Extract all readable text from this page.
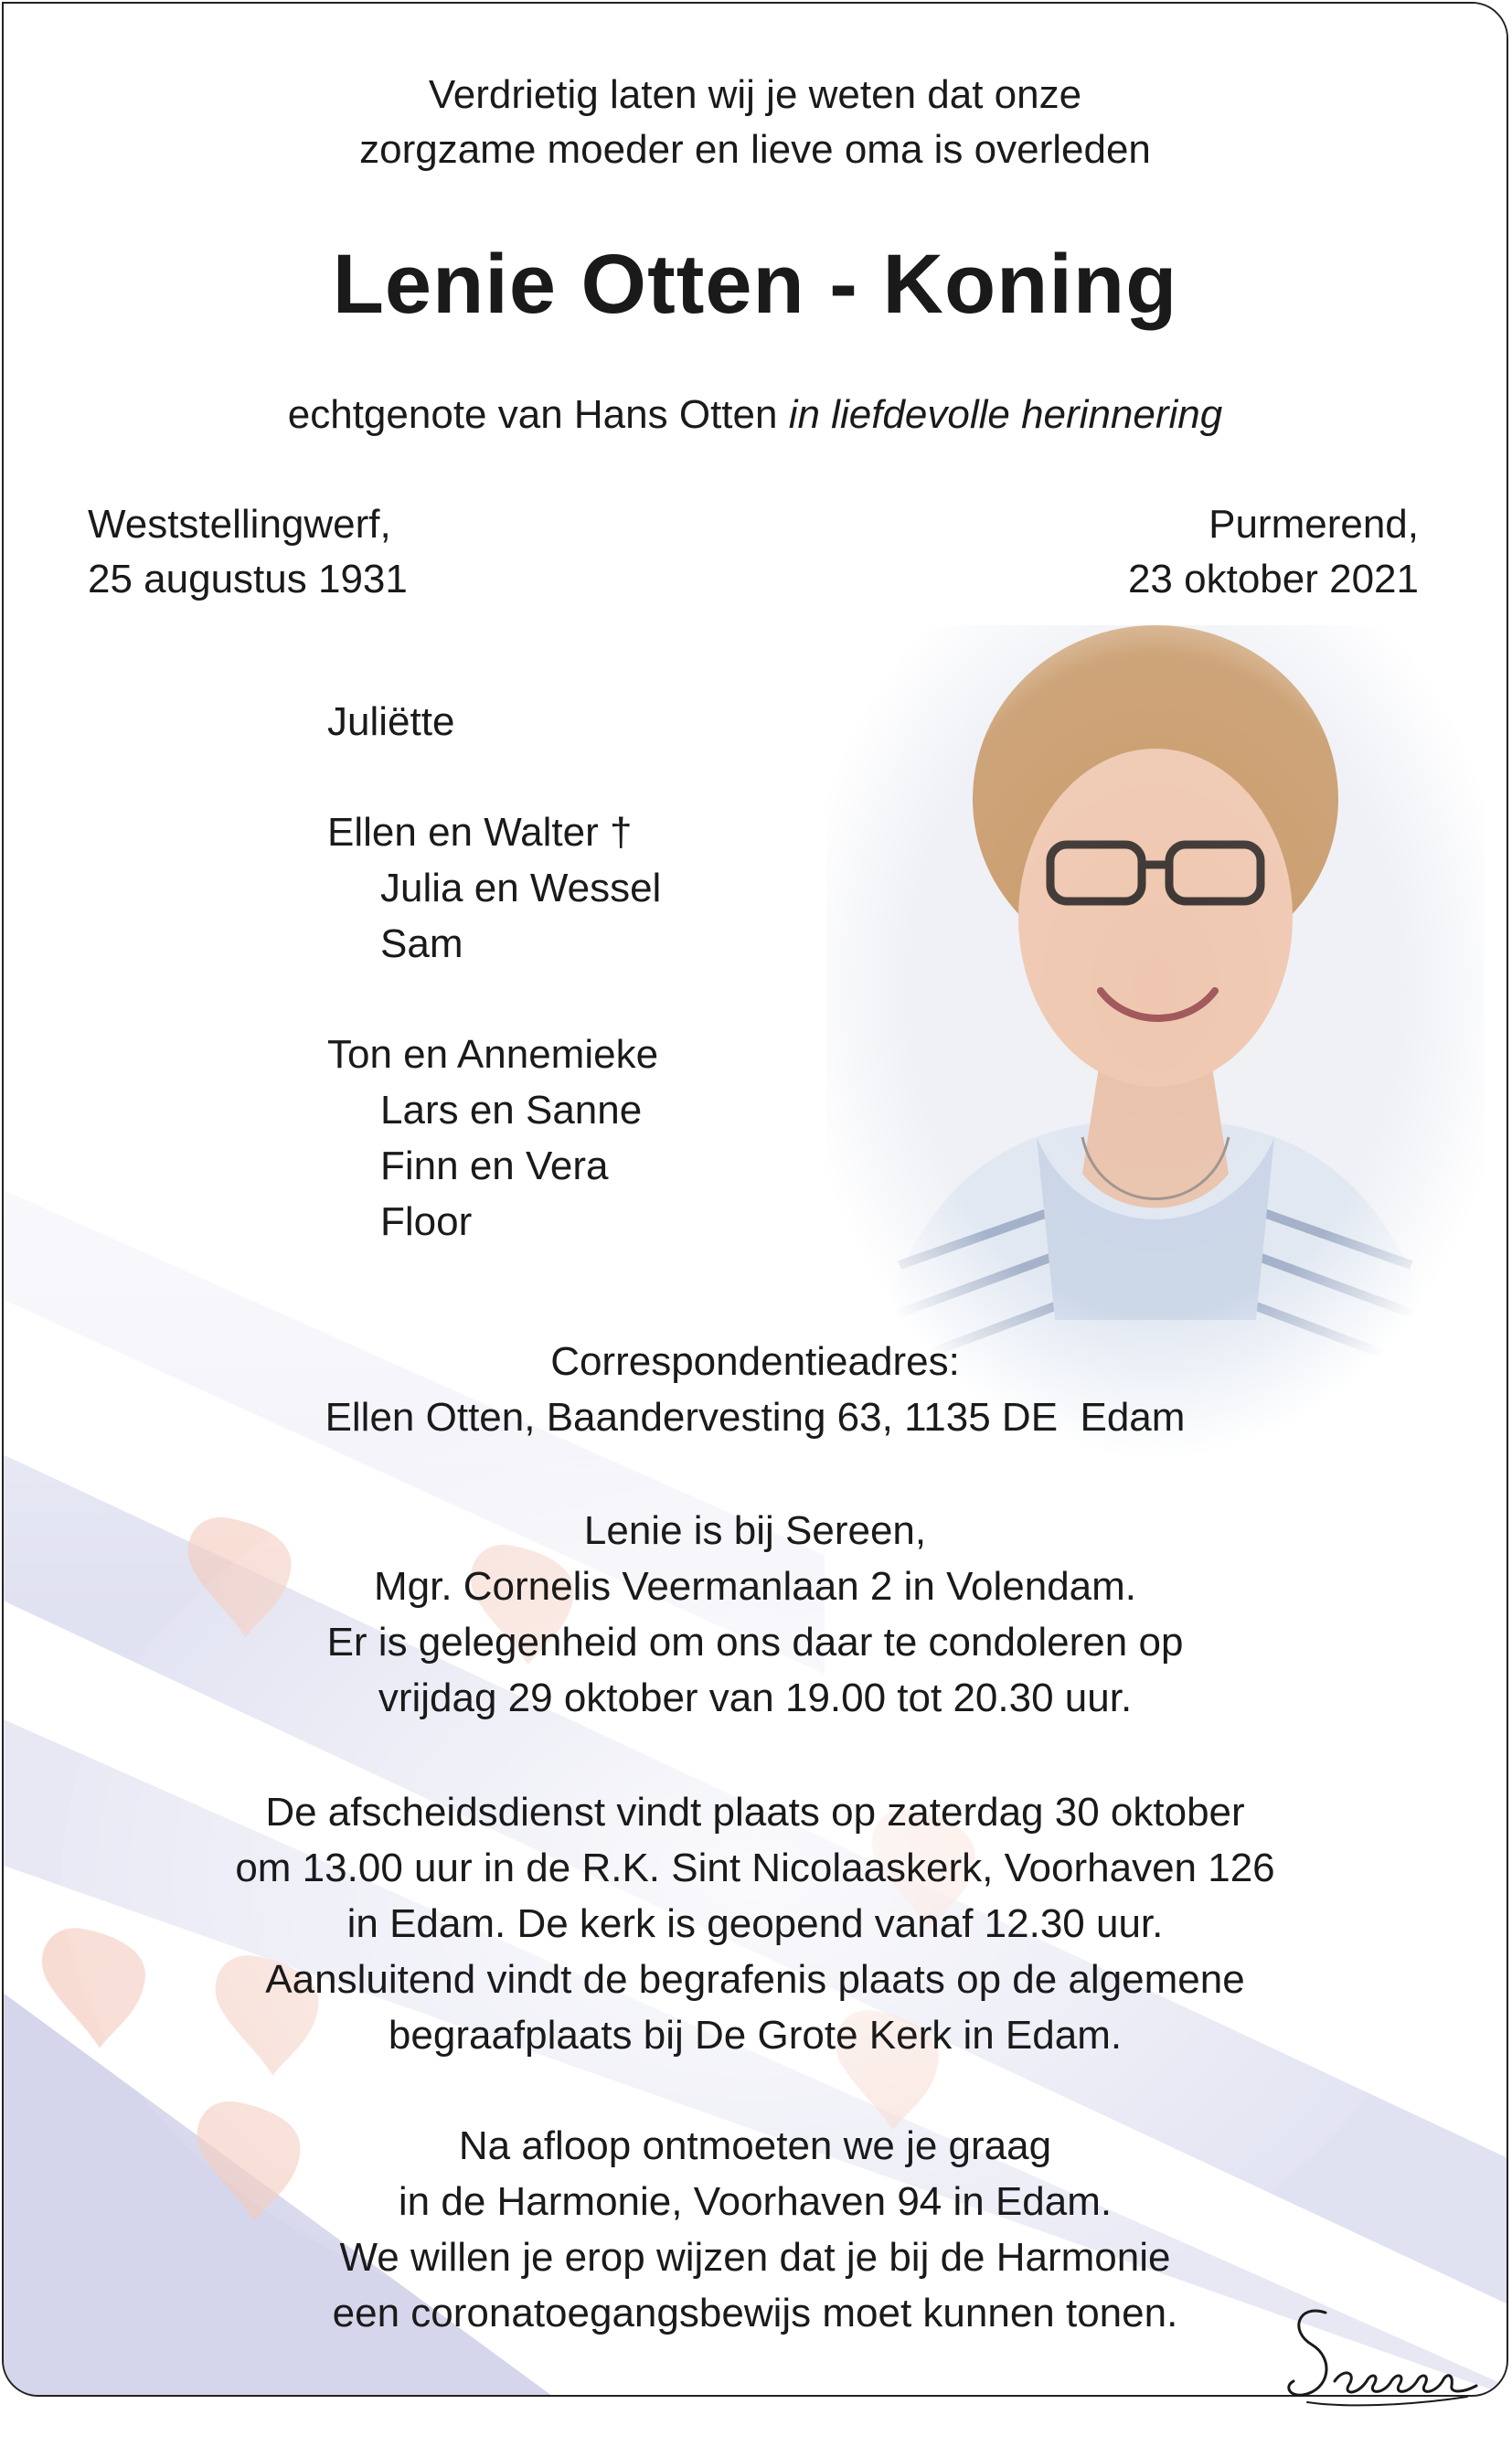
Verdrietig laten wij je weten dat onze
zorgzame moeder en lieve oma is overleden
Lenie Otten - Koning
echtgenote van Hans Otten in liefdevolle herinnering
Weststellingwerf,
25 augustus 1931
Purmerend,
23 oktober 2021
Juliëtte
Ellen en Walter †
Julia en Wessel
Sam
Ton en Annemieke
Lars en Sanne
Finn en Vera
Floor
Correspondentieadres:
Ellen Otten, Baandervesting 63, 1135 DE  Edam
Lenie is bij Sereen,
Mgr. Cornelis Veermanlaan 2 in Volendam.
Er is gelegenheid om ons daar te condoleren op
vrijdag 29 oktober van 19.00 tot 20.30 uur.
De afscheidsdienst vindt plaats op zaterdag 30 oktober
om 13.00 uur in de R.K. Sint Nicolaaskerk, Voorhaven 126
in Edam. De kerk is geopend vanaf 12.30 uur.
Aansluitend vindt de begrafenis plaats op de algemene
begraafplaats bij De Grote Kerk in Edam.
Na afloop ontmoeten we je graag
in de Harmonie, Voorhaven 94 in Edam.
We willen je erop wijzen dat je bij de Harmonie
een coronatoegangsbewijs moet kunnen tonen.
